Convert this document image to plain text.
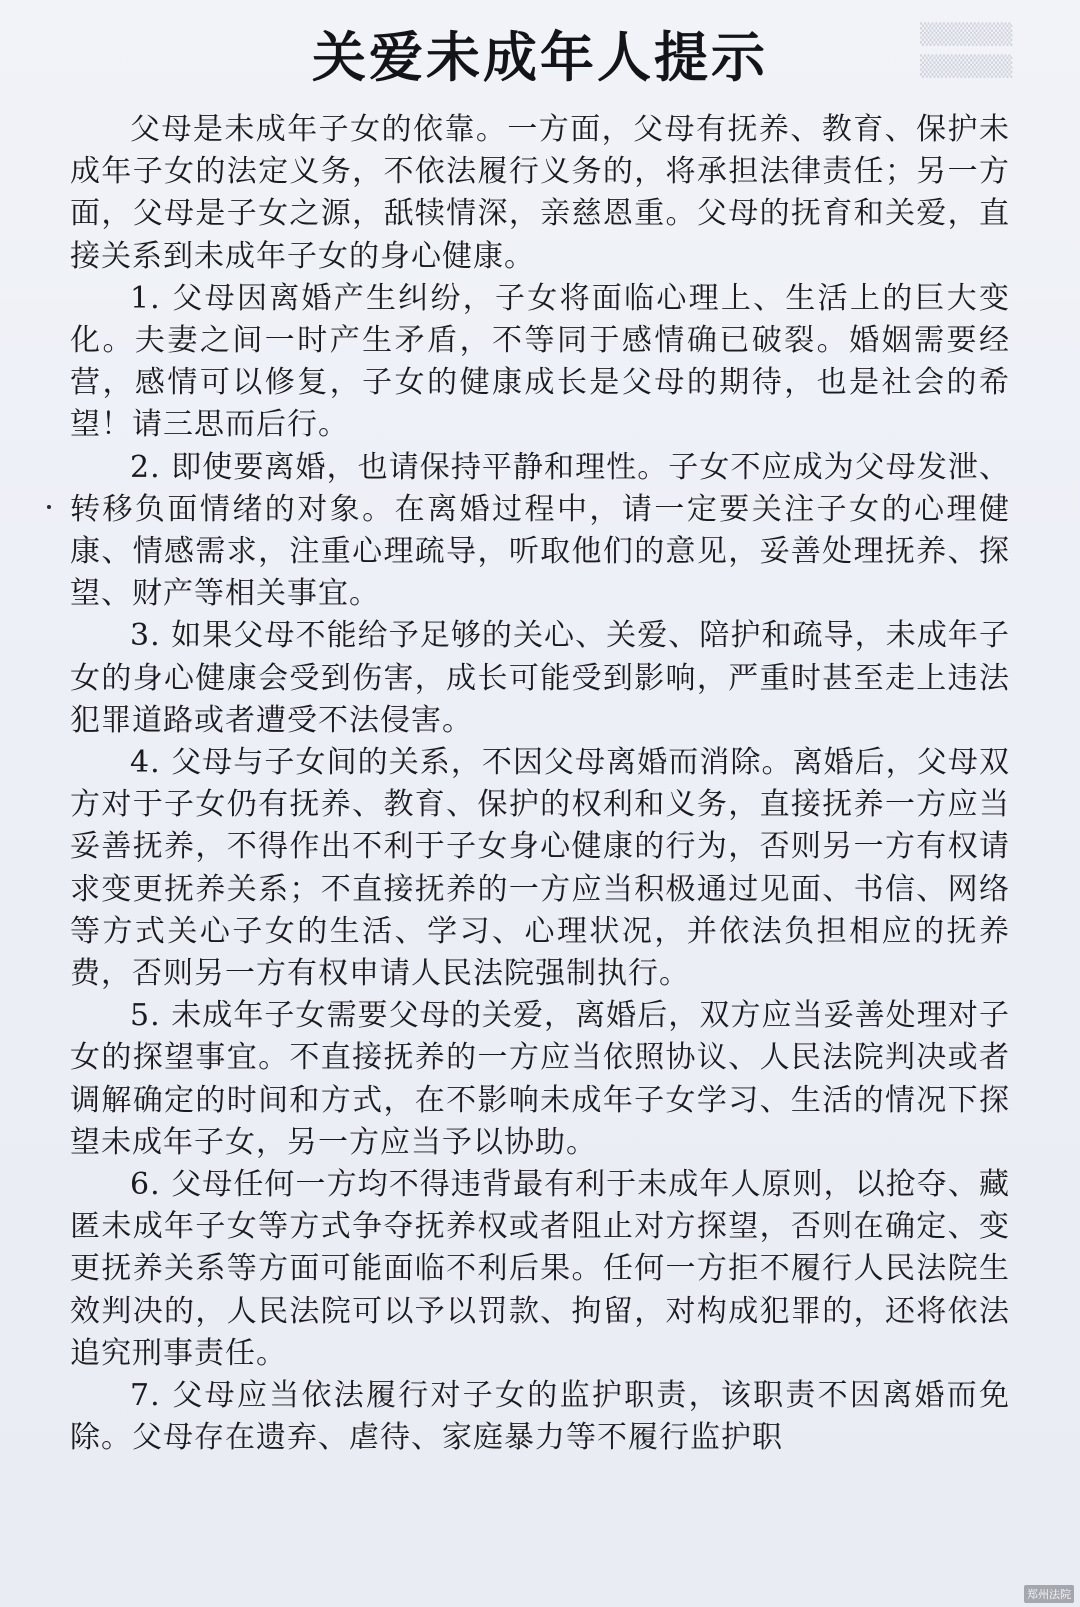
▒▒▒▒▒▒
▒▒▒▒▒▒
关爱未成年人提示

父母是未成年子女的依靠。一方面，父母有抚养、教育、保护未成年子女的法定义务，不依法履行义务的，将承担法律责任；另一方面，父母是子女之源，舐犊情深，亲慈恩重。父母的抚育和关爱，直接关系到未成年子女的身心健康。

1. 父母因离婚产生纠纷，子女将面临心理上、生活上的巨大变化。夫妻之间一时产生矛盾，不等同于感情确已破裂。婚姻需要经营，感情可以修复，子女的健康成长是父母的期待，也是社会的希望！请三思而后行。

2. 即使要离婚，也请保持平静和理性。子女不应成为父母发泄、转移负面情绪的对象。在离婚过程中，请一定要关注子女的心理健康、情感需求，注重心理疏导，听取他们的意见，妥善处理抚养、探望、财产等相关事宜。

3. 如果父母不能给予足够的关心、关爱、陪护和疏导，未成年子女的身心健康会受到伤害，成长可能受到影响，严重时甚至走上违法犯罪道路或者遭受不法侵害。

4. 父母与子女间的关系，不因父母离婚而消除。离婚后，父母双方对于子女仍有抚养、教育、保护的权利和义务，直接抚养一方应当妥善抚养，不得作出不利于子女身心健康的行为，否则另一方有权请求变更抚养关系；不直接抚养的一方应当积极通过见面、书信、网络等方式关心子女的生活、学习、心理状况，并依法负担相应的抚养费，否则另一方有权申请人民法院强制执行。

5. 未成年子女需要父母的关爱，离婚后，双方应当妥善处理对子女的探望事宜。不直接抚养的一方应当依照协议、人民法院判决或者调解确定的时间和方式，在不影响未成年子女学习、生活的情况下探望未成年子女，另一方应当予以协助。

6. 父母任何一方均不得违背最有利于未成年人原则，以抢夺、藏匿未成年子女等方式争夺抚养权或者阻止对方探望，否则在确定、变更抚养关系等方面可能面临不利后果。任何一方拒不履行人民法院生效判决的，人民法院可以予以罚款、拘留，对构成犯罪的，还将依法追究刑事责任。

7. 父母应当依法履行对子女的监护职责，该职责不因离婚而免除。父母存在遗弃、虐待、家庭暴力等不履行监护职

郑州法院
